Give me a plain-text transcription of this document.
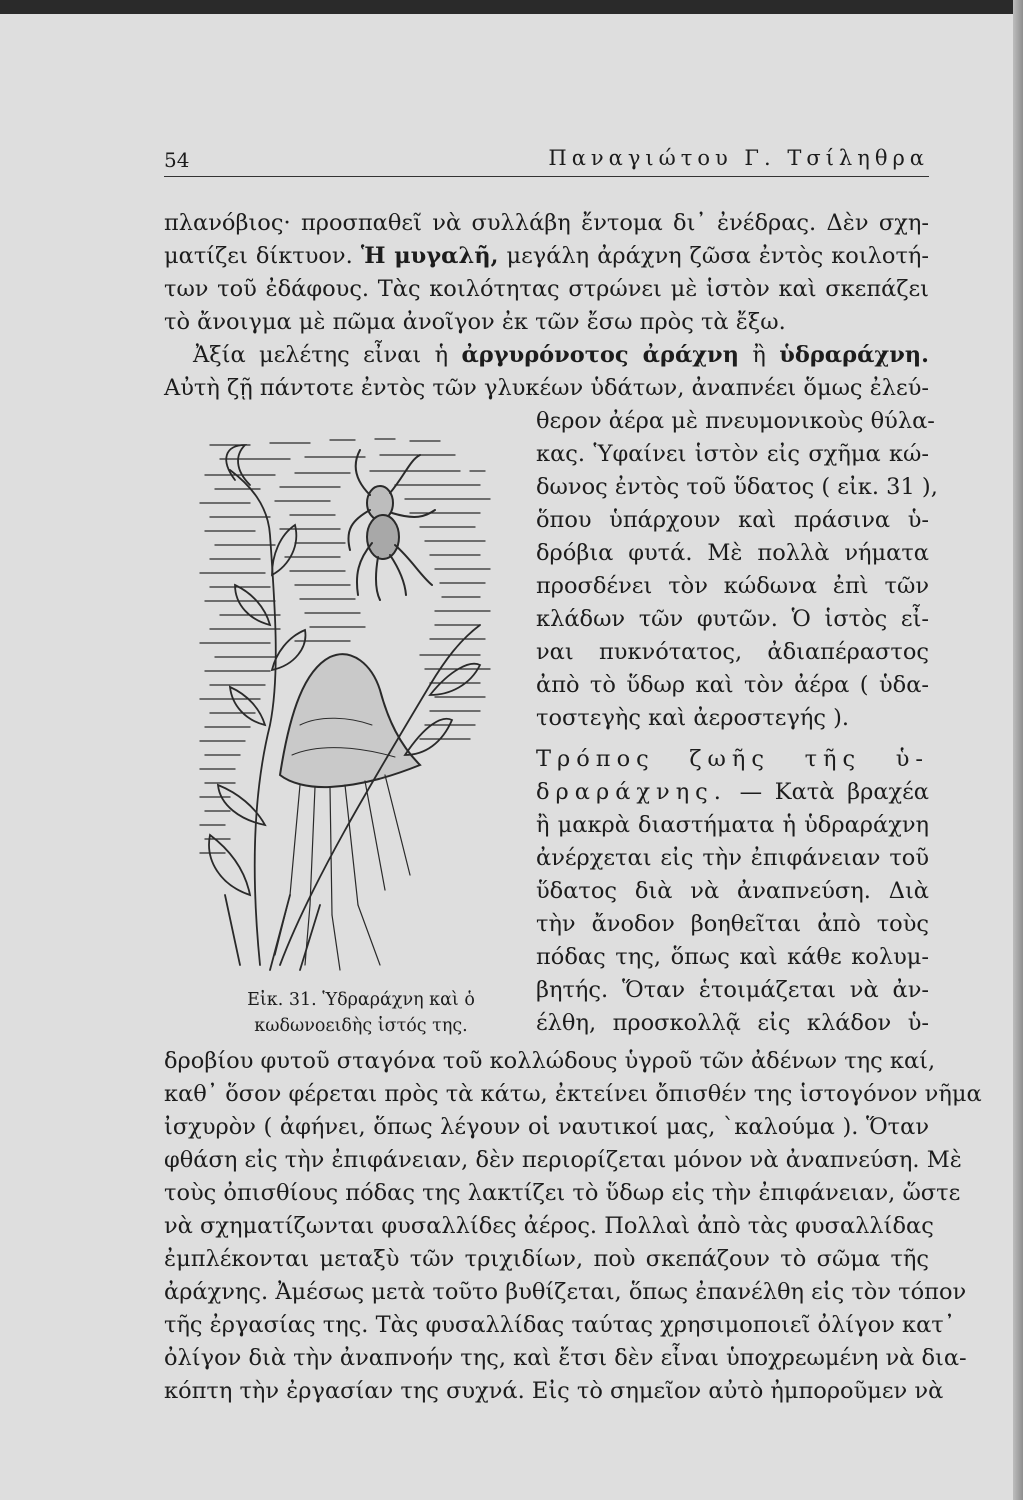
54	Παναγιώτου Γ. Τσίληθρα
πλανόβιος· προσπαθεῖ νὰ συλλάβη ἔντομα δι᾽ ἐνέδρας. Δὲν σχη-
ματίζει δίκτυον. Ἡ μυγαλῆ, μεγάλη ἀράχνη ζῶσα ἐντὸς κοιλοτή-
των τοῦ ἐδάφους. Τὰς κοιλότητας στρώνει μὲ ἱστὸν καὶ σκεπάζει
τὸ ἄνοιγμα μὲ πῶμα ἀνοῖγον ἐκ τῶν ἔσω πρὸς τὰ ἔξω.
Ἀξία μελέτης εἶναι ἡ ἀργυρόνοτος ἀράχνη ἢ ὑδραράχνη.
Αὐτὴ ζῇ πάντοτε ἐντὸς τῶν γλυκέων ὑδάτων, ἀναπνέει ὅμως ἐλεύ-
θερον ἀέρα μὲ πνευμονικοὺς θύλα-
κας. Ὑφαίνει ἱστὸν εἰς σχῆμα κώ-
δωνος ἐντὸς τοῦ ὕδατος ( εἰκ. 31 ),
ὅπου ὑπάρχουν καὶ πράσινα ὑ-
δρόβια φυτά. Μὲ πολλὰ νήματα
προσδένει τὸν κώδωνα ἐπὶ τῶν
κλάδων τῶν φυτῶν. Ὁ ἱστὸς εἶ-
ναι πυκνότατος, ἀδιαπέραστος
ἀπὸ τὸ ὕδωρ καὶ τὸν ἀέρα ( ὑδα-
τοστεγὴς καὶ ἀεροστεγής ).
Τρόπος ζωῆς τῆς ὑ-
δραράχνης. — Κατὰ βραχέα
ἢ μακρὰ διαστήματα ἡ ὑδραράχνη
ἀνέρχεται εἰς τὴν ἐπιφάνειαν τοῦ
ὕδατος διὰ νὰ ἀναπνεύση. Διὰ
τὴν ἄνοδον βοηθεῖται ἀπὸ τοὺς
πόδας της, ὅπως καὶ κάθε κολυμ-
βητής. Ὅταν ἑτοιμάζεται νὰ ἀν-
έλθη, προσκολλᾷ εἰς κλάδον ὑ-
δροβίου φυτοῦ σταγόνα τοῦ κολλώδους ὑγροῦ τῶν ἀδένων της καί,
καθ᾽ ὅσον φέρεται πρὸς τὰ κάτω, ἐκτείνει ὄπισθέν της ἱστογόνον νῆμα
ἰσχυρὸν ( ἀφήνει, ὅπως λέγουν οἱ ναυτικοί μας, `καλούμα ). Ὅταν
φθάση εἰς τὴν ἐπιφάνειαν, δὲν περιορίζεται μόνον νὰ ἀναπνεύση. Μὲ
τοὺς ὀπισθίους πόδας της λακτίζει τὸ ὕδωρ εἰς τὴν ἐπιφάνειαν, ὥστε
νὰ σχηματίζωνται φυσαλλίδες ἀέρος. Πολλαὶ ἀπὸ τὰς φυσαλλίδας
ἐμπλέκονται μεταξὺ τῶν τριχιδίων, ποὺ σκεπάζουν τὸ σῶμα τῆς
ἀράχνης. Ἀμέσως μετὰ τοῦτο βυθίζεται, ὅπως ἐπανέλθη εἰς τὸν τόπον
τῆς ἐργασίας της. Τὰς φυσαλλίδας ταύτας χρησιμοποιεῖ ὀλίγον κατ᾽
ὀλίγον διὰ τὴν ἀναπνοήν της, καὶ ἔτσι δὲν εἶναι ὑποχρεωμένη νὰ δια-
κόπτη τὴν ἐργασίαν της συχνά. Εἰς τὸ σημεῖον αὐτὸ ἠμποροῦμεν νὰ
Εἰκ. 31. Ὑδραράχνη καὶ ὁ
κωδωνοειδὴς ἱστός της.
